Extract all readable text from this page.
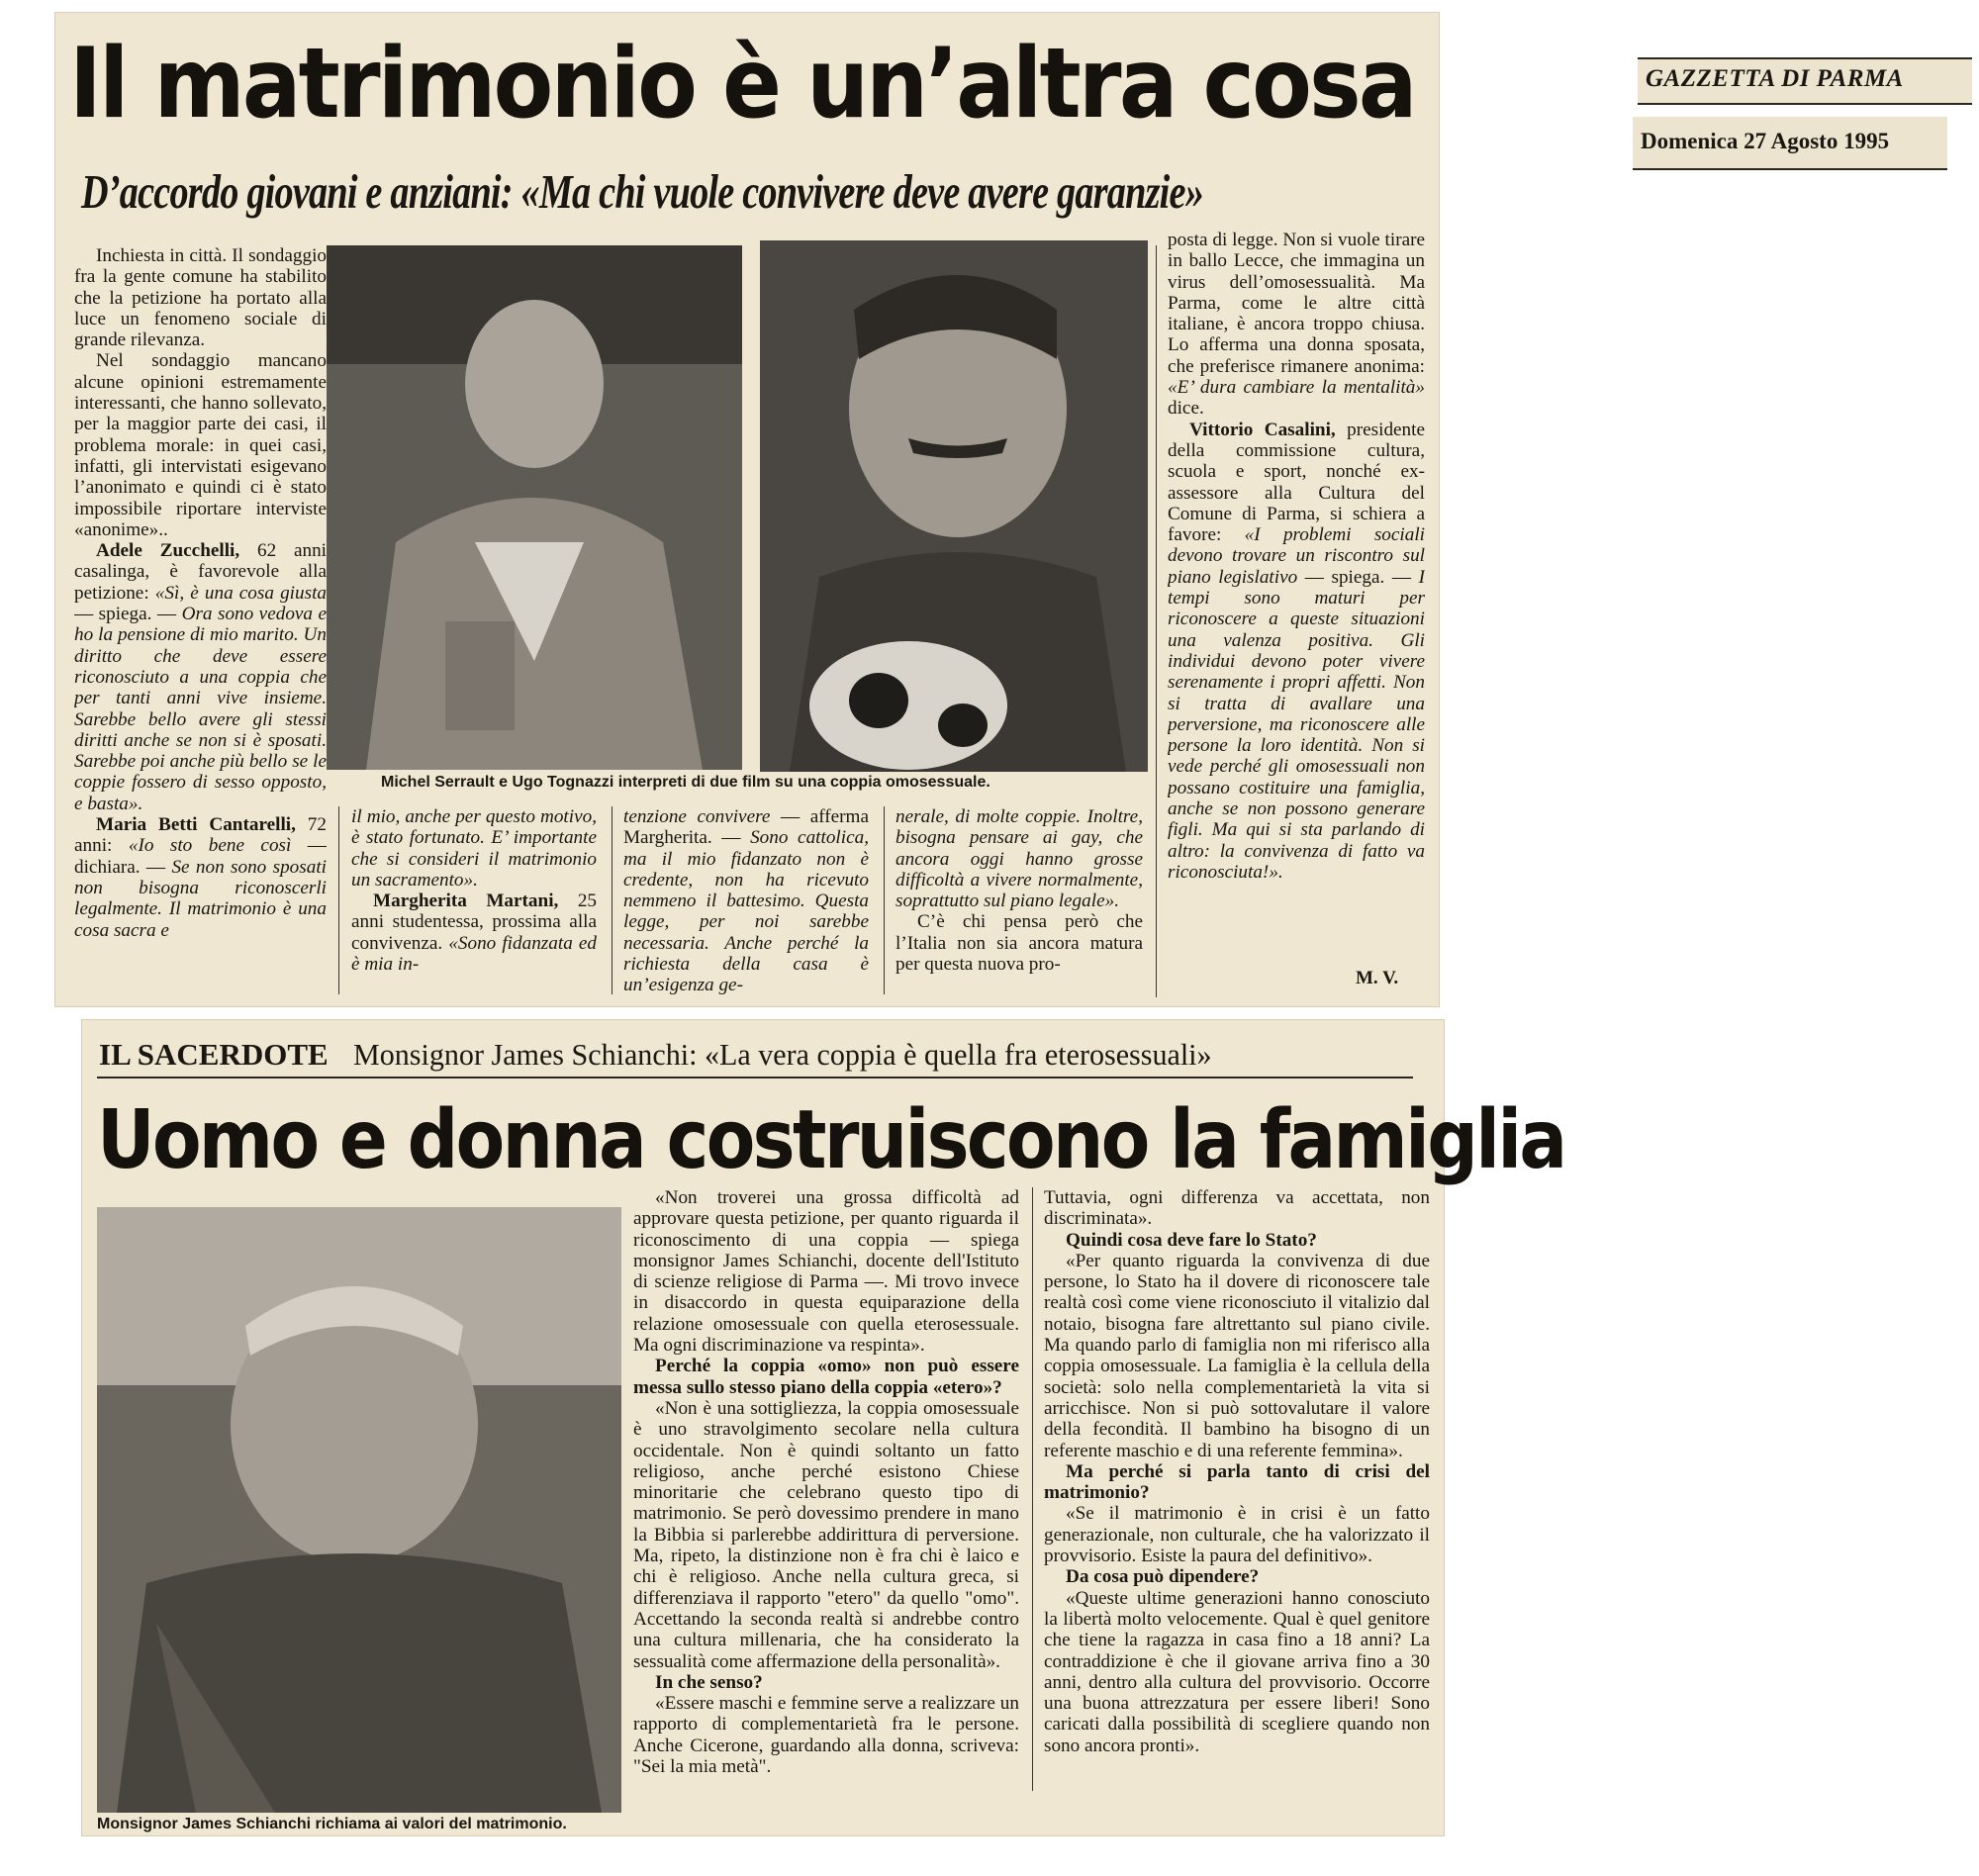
GAZZETTA DI PARMA
Domenica 27 Agosto 1995
Il matrimonio è un’altra cosa
D’accordo giovani e anziani: «Ma chi vuole convivere deve avere garanzie»
Michel Serrault e Ugo Tognazzi interpreti di due film su una coppia omosessuale.

Inchiesta in città. Il sondaggio fra la gente comune ha stabilito che la petizione ha portato alla luce un fenomeno sociale di grande rilevanza.

Nel sondaggio mancano alcune opinioni estremamente interessanti, che hanno sollevato, per la maggior parte dei casi, il problema morale: in quei casi, infatti, gli intervistati esigevano l’anonimato e quindi ci è stato impossibile riportare interviste «anonime»..

Adele Zucchelli, 62 anni casalinga, è favorevole alla petizione: «Sì, è una cosa giusta — spiega. — Ora sono vedova e ho la pensione di mio marito. Un diritto che deve essere riconosciuto a una coppia che per tanti anni vive insieme. Sarebbe bello avere gli stessi diritti anche se non si è sposati. Sarebbe poi anche più bello se le coppie fossero di sesso opposto, e basta».

Maria Betti Cantarelli, 72 anni: «Io sto bene così — dichiara. — Se non sono sposati non bisogna riconoscerli legalmente. Il matrimonio è una cosa sacra e

il mio, anche per questo motivo, è stato fortunato. E’ importante che si consideri il matrimonio un sacramento».

Margherita Martani, 25 anni studentessa, prossima alla convivenza. «Sono fidanzata ed è mia in-

tenzione convivere — afferma Margherita. — Sono cattolica, ma il mio fidanzato non è credente, non ha ricevuto nemmeno il battesimo. Questa legge, per noi sarebbe necessaria. Anche perché la richiesta della casa è un’esigenza ge-

nerale, di molte coppie. Inoltre, bisogna pensare ai gay, che ancora oggi hanno grosse difficoltà a vivere normalmente, soprattutto sul piano legale».

C’è chi pensa però che l’Italia non sia ancora matura per questa nuova pro-

posta di legge. Non si vuole tirare in ballo Lecce, che immagina un virus dell’omosessualità. Ma Parma, come le altre città italiane, è ancora troppo chiusa. Lo afferma una donna sposata, che preferisce rimanere anonima: «E’ dura cambiare la mentalità» dice.

Vittorio Casalini, presidente della commissione cultura, scuola e sport, nonché ex-assessore alla Cultura del Comune di Parma, si schiera a favore: «I problemi sociali devono trovare un riscontro sul piano legislativo — spiega. — I tempi sono maturi per riconoscere a queste situazioni una valenza positiva. Gli individui devono poter vivere serenamente i propri affetti. Non si tratta di avallare una perversione, ma riconoscere alle persone la loro identità. Non si vede perché gli omosessuali non possano costituire una famiglia, anche se non possono generare figli. Ma qui si sta parlando di altro: la convivenza di fatto va riconosciuta!».

M. V.
IL SACERDOTE Monsignor James Schianchi: «La vera coppia è quella fra eterosessuali»
Uomo e donna costruiscono la famiglia
Monsignor James Schianchi richiama ai valori del matrimonio.

«Non troverei una grossa difficoltà ad approvare questa petizione, per quanto riguarda il riconoscimento di una coppia — spiega monsignor James Schianchi, docente dell'Istituto di scienze religiose di Parma —. Mi trovo invece in disaccordo in questa equiparazione della relazione omosessuale con quella eterosessuale. Ma ogni discriminazione va respinta».

Perché la coppia «omo» non può essere messa sullo stesso piano della coppia «etero»?

«Non è una sottigliezza, la coppia omosessuale è uno stravolgimento secolare nella cultura occidentale. Non è quindi soltanto un fatto religioso, anche perché esistono Chiese minoritarie che celebrano questo tipo di matrimonio. Se però dovessimo prendere in mano la Bibbia si parlerebbe addirittura di perversione. Ma, ripeto, la distinzione non è fra chi è laico e chi è religioso. Anche nella cultura greca, si differenziava il rapporto "etero" da quello "omo". Accettando la seconda realtà si andrebbe contro una cultura millenaria, che ha considerato la sessualità come affermazione della personalità».

In che senso?

«Essere maschi e femmine serve a realizzare un rapporto di complementarietà fra le persone. Anche Cicerone, guardando alla donna, scriveva: "Sei la mia metà".

Tuttavia, ogni differenza va accettata, non discriminata».

Quindi cosa deve fare lo Stato?

«Per quanto riguarda la convivenza di due persone, lo Stato ha il dovere di riconoscere tale realtà così come viene riconosciuto il vitalizio dal notaio, bisogna fare altrettanto sul piano civile. Ma quando parlo di famiglia non mi riferisco alla coppia omosessuale. La famiglia è la cellula della società: solo nella complementarietà la vita si arricchisce. Non si può sottovalutare il valore della fecondità. Il bambino ha bisogno di un referente maschio e di una referente femmina».

Ma perché si parla tanto di crisi del matrimonio?

«Se il matrimonio è in crisi è un fatto generazionale, non culturale, che ha valorizzato il provvisorio. Esiste la paura del definitivo».

Da cosa può dipendere?

«Queste ultime generazioni hanno conosciuto la libertà molto velocemente. Qual è quel genitore che tiene la ragazza in casa fino a 18 anni? La contraddizione è che il giovane arriva fino a 30 anni, dentro alla cultura del provvisorio. Occorre una buona attrezzatura per essere liberi! Sono caricati dalla possibilità di scegliere quando non sono ancora pronti».
